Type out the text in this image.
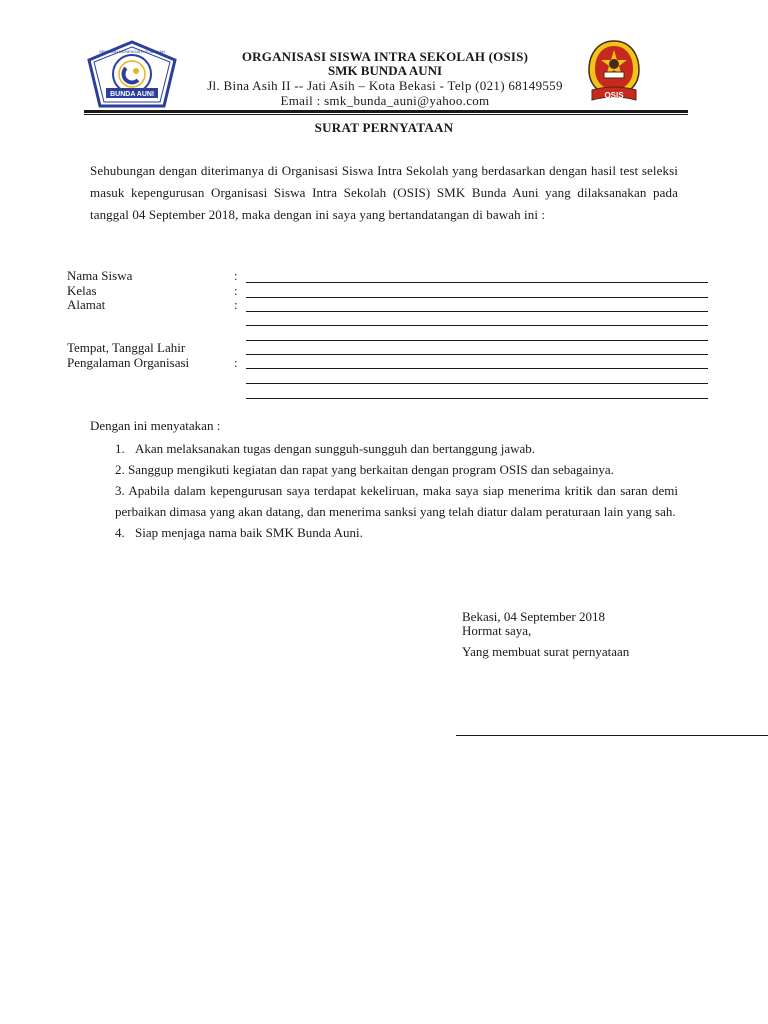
BUNDA AUNI
SEKOLAH MENENGAH KEJURUAN	ORGANISASI SISWA INTRA SEKOLAH (OSIS)
SMK BUNDA AUNI
Jl. Bina Asih II -- Jati Asih – Kota Bekasi - Telp (021) 68149559
Email : smk_bunda_auni@yahoo.com	OSIS
SURAT PERNYATAAN
Sehubungan dengan diterimanya di Organisasi Siswa Intra Sekolah yang berdasarkan dengan hasil test seleksi masuk kepengurusan Organisasi Siswa Intra Sekolah (OSIS) SMK Bunda Auni yang dilaksanakan pada tanggal 04 September 2018, maka dengan ini saya yang bertandatangan di bawah ini :
Nama Siswa	:
Kelas	:
Alamat	:
Tempat, Tanggal Lahir
Pengalaman Organisasi	:
Dengan ini menyatakan :
1. Akan melaksanakan tugas dengan sungguh-sungguh dan bertanggung jawab.
2. Sanggup mengikuti kegiatan dan rapat yang berkaitan dengan program OSIS dan sebagainya.
3. Apabila dalam kepengurusan saya terdapat kekeliruan, maka saya siap menerima kritik dan saran demi perbaikan dimasa yang akan datang, dan menerima sanksi yang telah diatur dalam peraturaan lain yang sah.
4. Siap menjaga nama baik SMK Bunda Auni.
Bekasi, 04 September 2018
Hormat saya,
Yang membuat surat pernyataan
